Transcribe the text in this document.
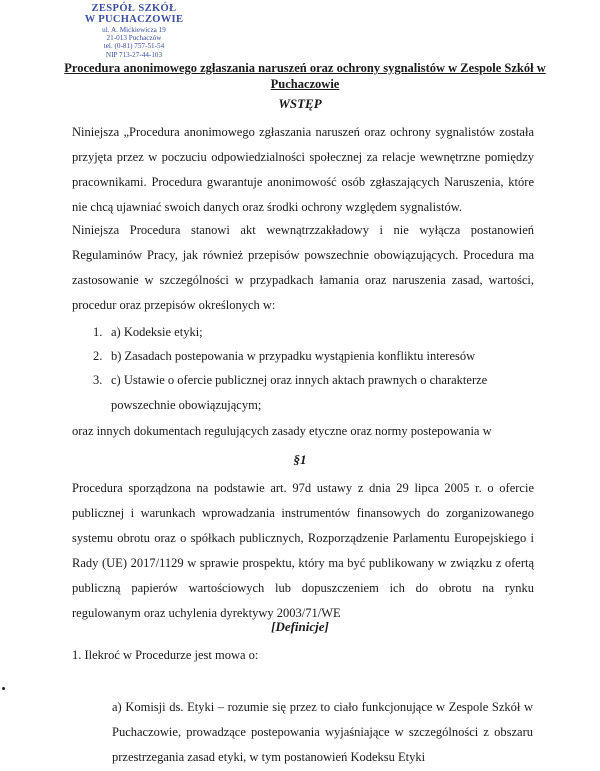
ZESPÓŁ SZKÓŁ
W PUCHACZOWIE
ul. A. Mickiewicza 19
21-013 Puchaczów
tel. (0-81) 757-51-54
NIP 713-27-44-103
Procedura anonimowego zgłaszania naruszeń oraz ochrony sygnalistów w Zespole Szkół w Puchaczowie
WSTĘP

Niniejsza „Procedura anonimowego zgłaszania naruszeń oraz ochrony sygnalistów została przyjęta przez w poczuciu odpowiedzialności społecznej za relacje wewnętrzne pomiędzy pracownikami. Procedura gwarantuje anonimowość osób zgłaszających Naruszenia, które nie chcą ujawniać swoich danych oraz środki ochrony względem sygnalistów.

Niniejsza Procedura stanowi akt wewnątrzzakładowy i nie wyłącza postanowień Regulaminów Pracy, jak również przepisów powszechnie obowiązujących. Procedura ma zastosowanie w szczególności w przypadkach łamania oraz naruszenia zasad, wartości, procedur oraz przepisów określonych w:

1. a) Kodeksie etyki;
2. b) Zasadach postepowania w przypadku wystąpienia konfliktu interesów
3. c) Ustawie o ofercie publicznej oraz innych aktach prawnych o charakterze powszechnie obowiązującym;

oraz innych dokumentach regulujących zasady etyczne oraz normy postepowania w

§1

Procedura sporządzona na podstawie art. 97d ustawy z dnia 29 lipca 2005 r. o ofercie publicznej i warunkach wprowadzania instrumentów finansowych do zorganizowanego systemu obrotu oraz o spółkach publicznych, Rozporządzenie Parlamentu Europejskiego i Rady (UE) 2017/1129 w sprawie prospektu, który ma być publikowany w związku z ofertą publiczną papierów wartościowych lub dopuszczeniem ich do obrotu na rynku regulowanym oraz uchylenia dyrektywy 2003/71/WE

[Definicje]

1. Ilekroć w Procedurze jest mowa o:

a) Komisji ds. Etyki – rozumie się przez to ciało funkcjonujące w Zespole Szkół w Puchaczowie, prowadzące postepowania wyjaśniające w szczególności z obszaru przestrzegania zasad etyki, w tym postanowień Kodeksu Etyki
